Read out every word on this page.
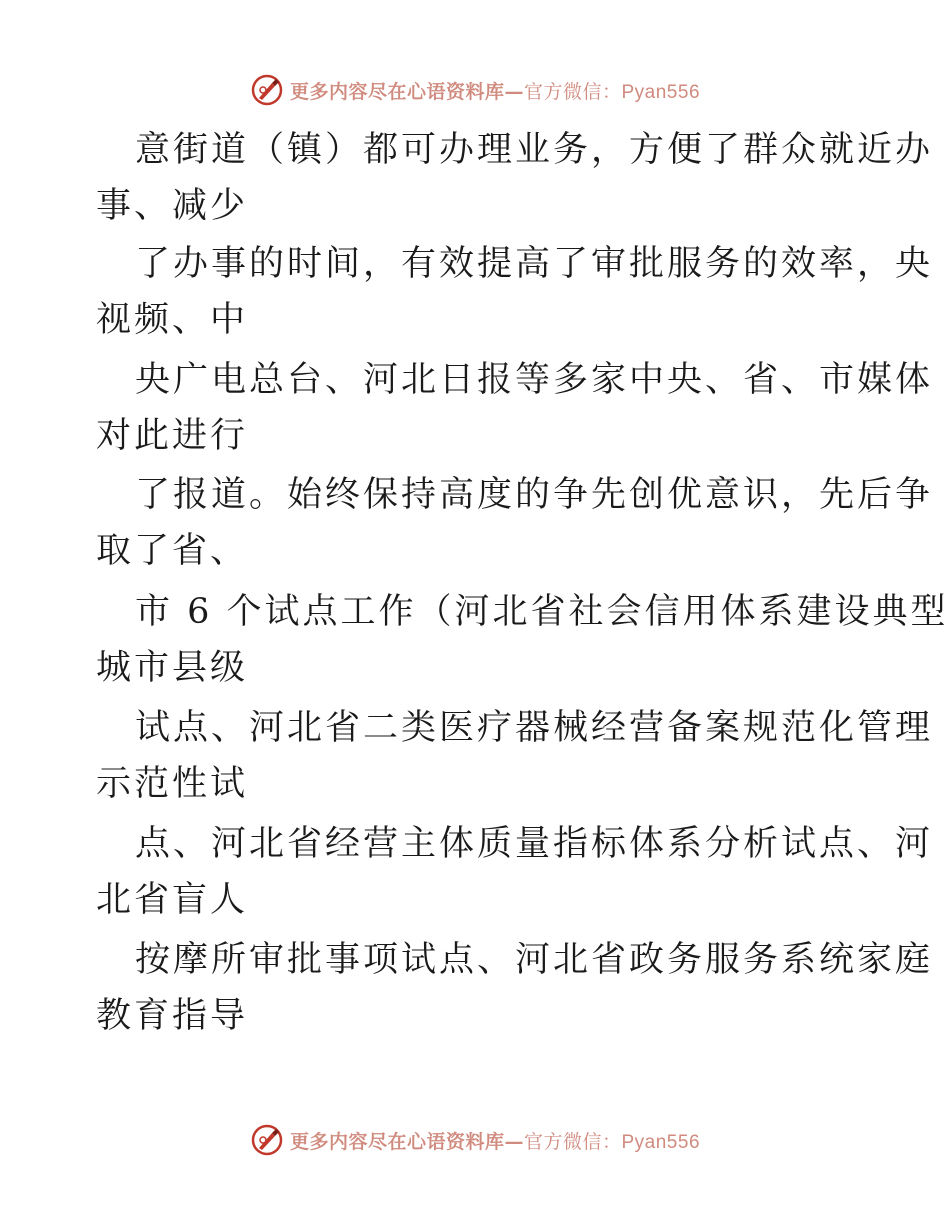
更多内容尽在心语资料库—官方微信：Pyan556
意街道（镇）都可办理业务，方便了群众就近办
事、减少
了办事的时间，有效提高了审批服务的效率，央
视频、中
央广电总台、河北日报等多家中央、省、市媒体
对此进行
了报道。始终保持高度的争先创优意识，先后争
取了省、
市 6 个试点工作（河北省社会信用体系建设典型
城市县级
试点、河北省二类医疗器械经营备案规范化管理
示范性试
点、河北省经营主体质量指标体系分析试点、河
北省盲人
按摩所审批事项试点、河北省政务服务系统家庭
教育指导
更多内容尽在心语资料库—官方微信：Pyan556
